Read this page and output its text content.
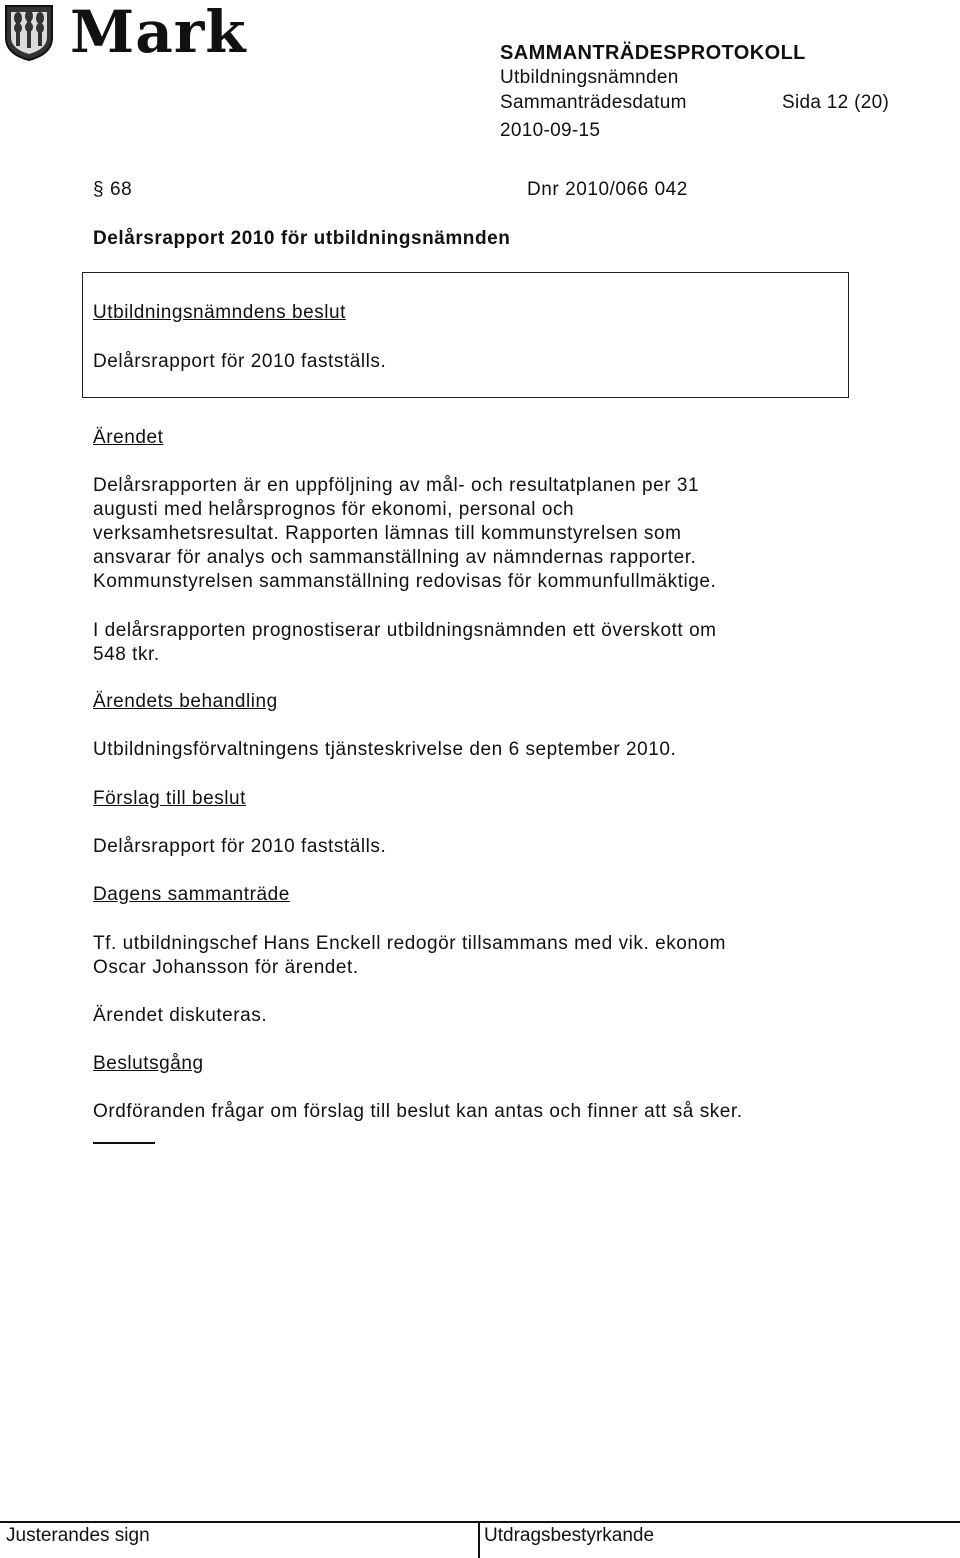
Mark	SAMMANTRÄDESPROTOKOLL
Utbildningsnämnden
Sammanträdesdatum	Sida 12 (20)
2010-09-15
§ 68	Dnr 2010/066 042
Delårsrapport 2010 för utbildningsnämnden
Utbildningsnämndens beslut
Delårsrapport för 2010 fastställs.
Ärendet
Delårsrapporten är en uppföljning av mål- och resultatplanen per 31
augusti med helårsprognos för ekonomi, personal och
verksamhetsresultat. Rapporten lämnas till kommunstyrelsen som
ansvarar för analys och sammanställning av nämndernas rapporter.
Kommunstyrelsen sammanställning redovisas för kommunfullmäktige.
I delårsrapporten prognostiserar utbildningsnämnden ett överskott om
548 tkr.
Ärendets behandling
Utbildningsförvaltningens tjänsteskrivelse den 6 september 2010.
Förslag till beslut
Delårsrapport för 2010 fastställs.
Dagens sammanträde
Tf. utbildningschef Hans Enckell redogör tillsammans med vik. ekonom
Oscar Johansson för ärendet.
Ärendet diskuteras.
Beslutsgång
Ordföranden frågar om förslag till beslut kan antas och finner att så sker.
Justerandes sign	Utdragsbestyrkande
